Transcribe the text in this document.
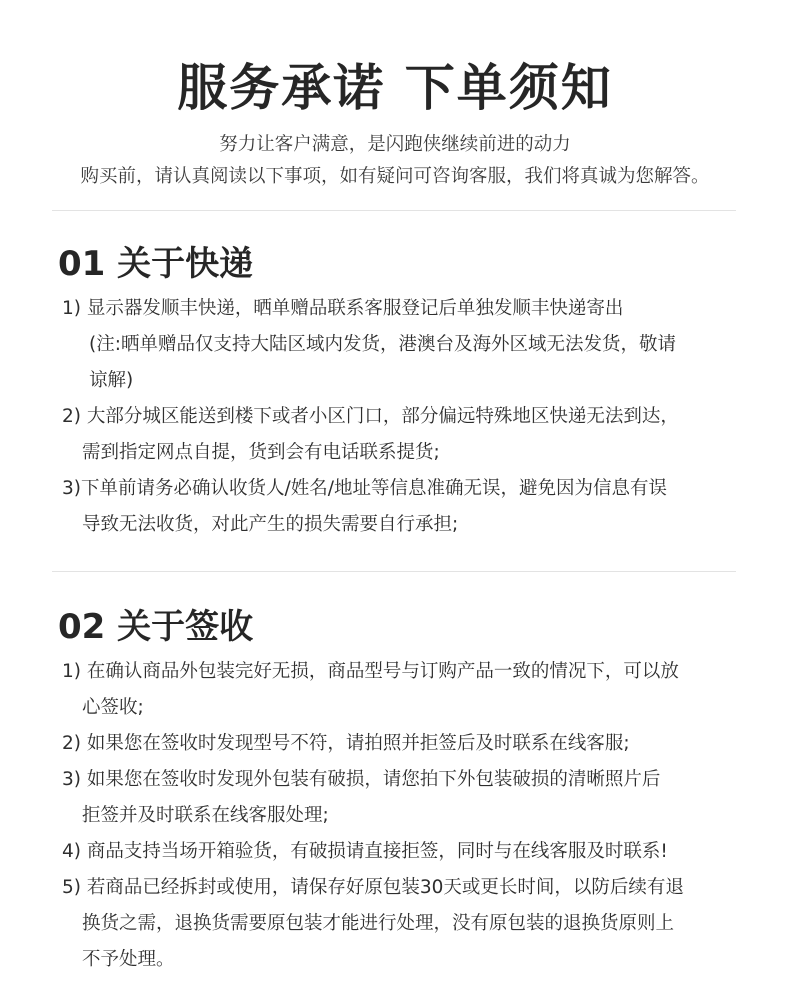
服务承诺 下单须知

努力让客户满意，是闪跑侠继续前进的动力

购买前，请认真阅读以下事项，如有疑问可咨询客服，我们将真诚为您解答。

01 关于快递

1) 显示器发顺丰快递，晒单赠品联系客服登记后单独发顺丰快递寄出

(注:晒单赠品仅支持大陆区域内发货，港澳台及海外区域无法发货，敬请

谅解)

2) 大部分城区能送到楼下或者小区门口，部分偏远特殊地区快递无法到达，

需到指定网点自提，货到会有电话联系提货;

3)下单前请务必确认收货人/姓名/地址等信息准确无误，避免因为信息有误

导致无法收货，对此产生的损失需要自行承担;

02 关于签收

1) 在确认商品外包装完好无损，商品型号与订购产品一致的情况下，可以放

心签收;

2) 如果您在签收时发现型号不符，请拍照并拒签后及时联系在线客服;

3) 如果您在签收时发现外包装有破损，请您拍下外包装破损的清晰照片后

拒签并及时联系在线客服处理;

4) 商品支持当场开箱验货，有破损请直接拒签，同时与在线客服及时联系!

5) 若商品已经拆封或使用，请保存好原包装30天或更长时间，以防后续有退

换货之需，退换货需要原包装才能进行处理，没有原包装的退换货原则上

不予处理。
